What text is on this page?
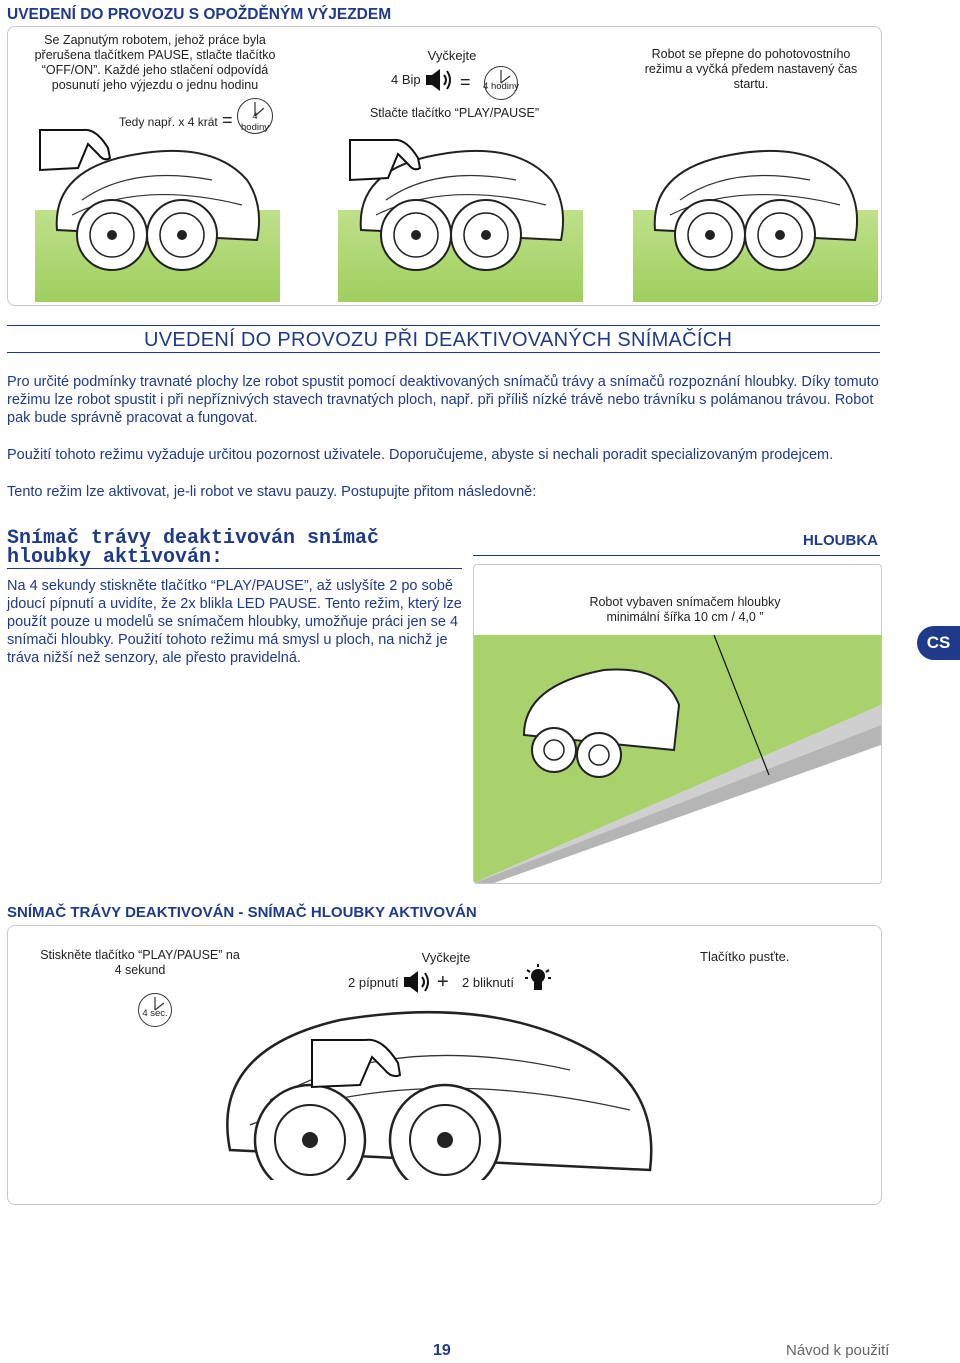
UVEDENÍ DO PROVOZU S OPOŽDĚNÝM VÝJEZDEM
Se Zapnutým robotem, jehož práce byla přerušena tlačítkem PAUSE, stlačte tlačítko “OFF/ON”. Každé jeho stlačení odpovídá posunutí jeho výjezdu o jednu hodinu
Tedy např. x 4 krát =	4 hodiny
Vyčkejte
4 Bip = 4 hodiny
Stlačte tlačítko “PLAY/PAUSE”
Robot se přepne do pohotovostního režimu a vyčká předem nastavený čas startu.
UVEDENÍ DO PROVOZU PŘI DEAKTIVOVANÝCH SNÍMAČÍCH
Pro určité podmínky travnaté plochy lze robot spustit pomocí deaktivovaných snímačů trávy a snímačů rozpoznání hloubky. Díky tomuto režimu lze robot spustit i při nepříznivých stavech travnatých ploch, např. při příliš nízké trávě nebo trávníku s polámanou trávou. Robot pak bude správně pracovat a fungovat.
Použití tohoto režimu vyžaduje určitou pozornost uživatele. Doporučujeme, abyste si nechali poradit specializovaným prodejcem.
Tento režim lze aktivovat, je-li robot ve stavu pauzy. Postupujte přitom následovně:
Snímač trávy deaktivován snímač hloubky aktivován:
Na 4 sekundy stiskněte tlačítko “PLAY/PAUSE”, až uslyšíte 2 po sobě jdoucí pípnutí a uvidíte, že 2x blikla LED PAUSE. Tento režim, který lze použít pouze u modelů se snímačem hloubky, umožňuje práci jen se 4 snímači hloubky. Použití tohoto režimu má smysl u ploch, na nichž je tráva nižší než senzory, ale přesto pravidelná.
HLOUBKA
Robot vybaven snímačem hloubky minimální šířka 10 cm / 4,0 ”
CS
SNÍMAČ TRÁVY DEAKTIVOVÁN - SNÍMAČ HLOUBKY AKTIVOVÁN
Stiskněte tlačítko “PLAY/PAUSE” na 4 sekund
4 sec.
Vyčkejte
2 pípnutí + 2 bliknutí
Tlačítko pusťte.
19	Návod k použití
